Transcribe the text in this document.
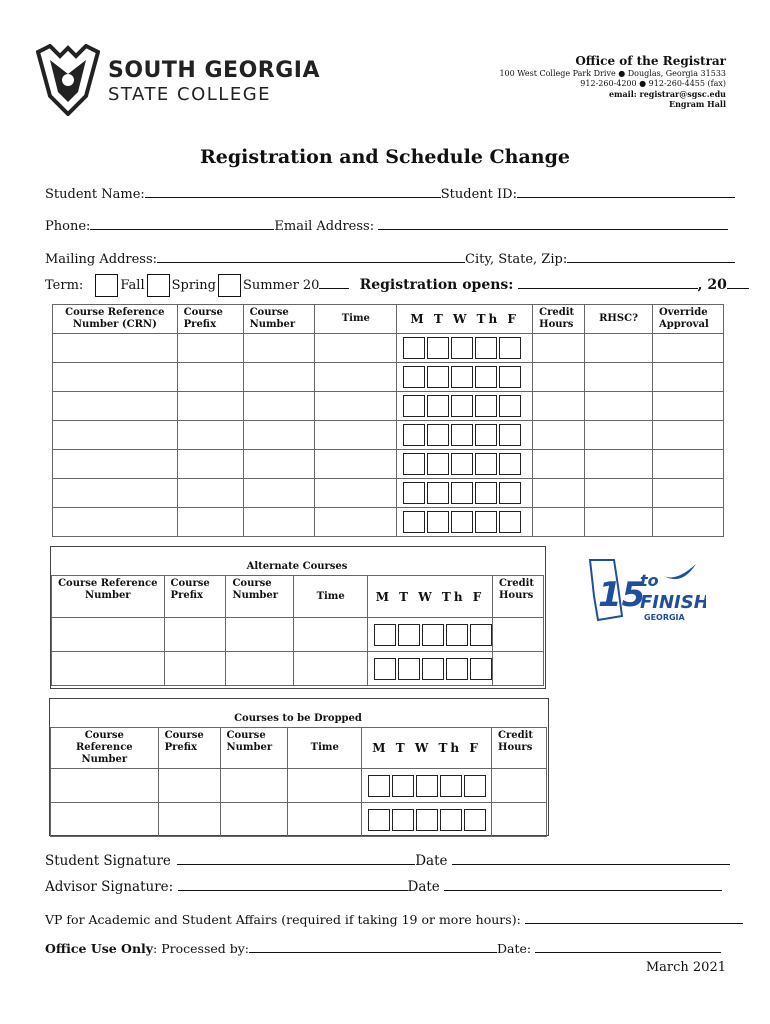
SOUTH GEORGIA
STATE COLLEGE
Office of the Registrar
100 West College Park Drive ● Douglas, Georgia 31533
912-260-4200 ● 912-260-4455 (fax)
email: registrar@sgsc.edu
Engram Hall
Registration and Schedule Change
Student Name:	Student ID:
Phone:	Email Address:
Mailing Address:	City, State, Zip:
Term:	Fall Spring Summer 20	Registration opens:	, 20
Course Reference Number (CRN)	Course Prefix	Course Number	Time	M T W Th F	Credit Hours	RHSC?	Override Approval

Alternate Courses
Course Reference Number	Course Prefix	Course Number	Time	M T W Th F	Credit Hours

	15
to
FINISH
GEORGIA
Courses to be Dropped
Course Reference Number	Course Prefix	Course Number	Time	M T W Th F	Credit Hours

Student Signature	Date
Advisor Signature:	Date
VP for Academic and Student Affairs (required if taking 19 or more hours):
Office Use Only: Processed by:	Date:
March 2021
